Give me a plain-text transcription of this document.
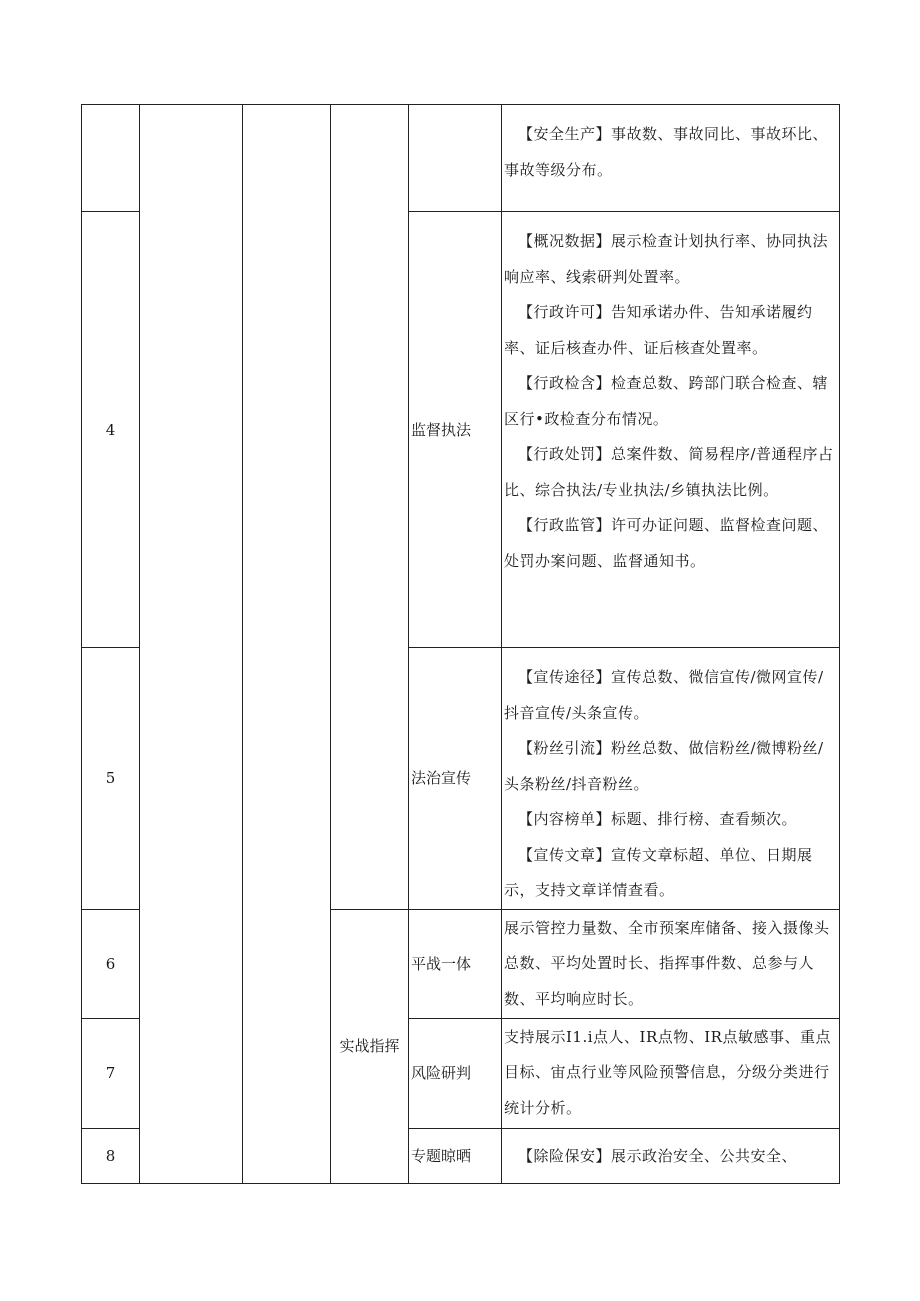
					【安全生产】事故数、事故同比、事故环比、事故等级分布。

4				监督执法	【概况数据】展示检查计划执行率、协同执法响应率、线索研判处置率。

【行政许可】告知承诺办件、告知承诺履约率、证后核查办件、证后核查处置率。

【行政检含】检查总数、跨部门联合检查、辖区行•政检查分布情况。

【行政处罚】总案件数、简易程序/普通程序占比、综合执法/专业执法/乡镇执法比例。

【行政监管】许可办证问题、监督检查问题、处罚办案问题、监督通知书。

5				法治宣传	【宣传途径】宣传总数、微信宣传/微网宣传/抖音宣传/头条宣传。

【粉丝引流】粉丝总数、做信粉丝/微博粉丝/头条粉丝/抖音粉丝。

【内容榜单】标题、排行榜、查看频次。

【宣传文章】宣传文章标超、单位、日期展示，支持文章详情查看。

6			实战指挥	平战一体	展示管控力量数、全市预案库储备、接入摄像头总数、平均处置时长、指挥事件数、总参与人数、平均响应时长。

7				风险研判	支持展示I1.i点人、IR点物、IR点敏感事、重点目标、宙点行业等风险预警信息，分级分类进行统计分析。

8				专题晾晒	【除险保安】展示政治安全、公共安全、
